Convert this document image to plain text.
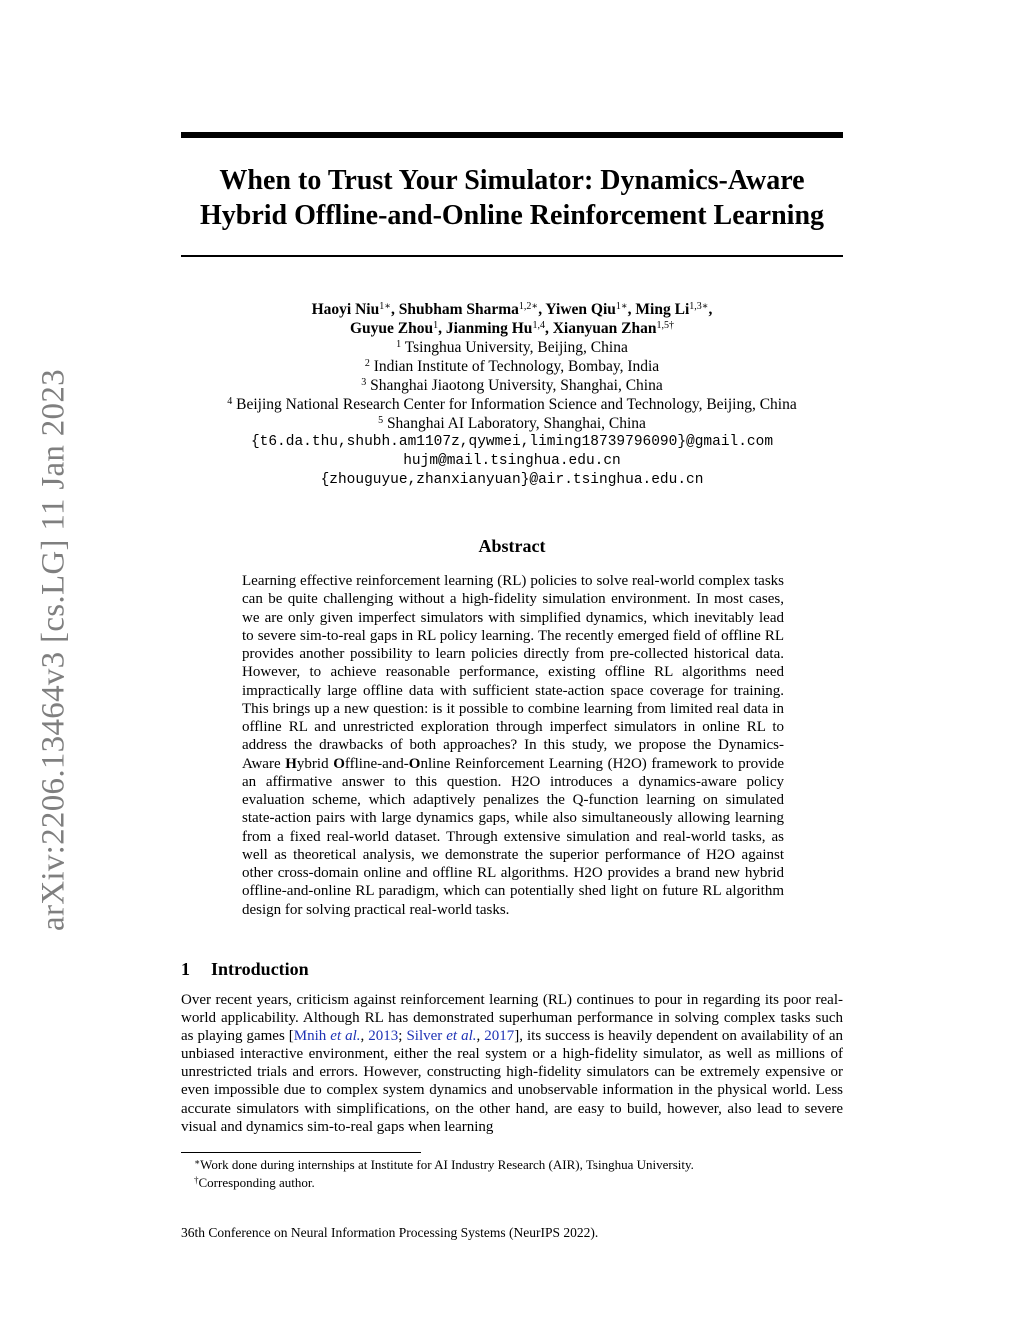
arXiv:2206.13464v3 [cs.LG] 11 Jan 2023
When to Trust Your Simulator: Dynamics-Aware
Hybrid Offline-and-Online Reinforcement Learning
Haoyi Niu$^{1∗}$, Shubham Sharma$^{1,2∗}$, Yiwen Qiu$^{1∗}$, Ming $Li^{1,3∗}$,
Guyue Zhou$^1$, Jianming Hu$^{1,4}$, Xianyuan Zhan$^{1,5\dagger}$
$^1$ Tsinghua University, Beijing, China
$^2$ Indian Institute of Technology, Bombay, India
$^3$ Shanghai Jiaotong University, Shanghai, China
$^4$ Beijing National Research Center for Information Science and Technology, Beijing, China
$^5$ Shanghai AI Laboratory, Shanghai, China
{t6.da.thu,shubh.am1107z,qywmei,liming18739796090}@gmail.com
hujm@mail.tsinghua.edu.cn
{zhouguyue,zhanxianyuan}@air.tsinghua.edu.cn
Abstract
Learning effective reinforcement learning (RL) policies to solve real-world complex tasks can be quite challenging without a high-fidelity simulation environment. In most cases, we are only given imperfect simulators with simplified dynamics, which inevitably lead to severe sim-to-real gaps in RL policy learning. The recently emerged field of offline RL provides another possibility to learn policies directly from pre-collected historical data. However, to achieve reasonable performance, existing offline RL algorithms need impractically large offline data with sufficient state-action space coverage for training. This brings up a new question: is it possible to combine learning from limited real data in offline RL and unrestricted exploration through imperfect simulators in online RL to address the drawbacks of both approaches? In this study, we propose the Dynamics-Aware Hybrid Offline-and-Online Reinforcement Learning (H2O) framework to provide an affirmative answer to this question. H2O introduces a dynamics-aware policy evaluation scheme, which adaptively penalizes the Q-function learning on simulated state-action pairs with large dynamics gaps, while also simultaneously allowing learning from a fixed real-world dataset. Through extensive simulation and real-world tasks, as well as theoretical analysis, we demonstrate the superior performance of H2O against other cross-domain online and offline RL algorithms. H2O provides a brand new hybrid offline-and-online RL paradigm, which can potentially shed light on future RL algorithm design for solving practical real-world tasks.
1 Introduction
Over recent years, criticism against reinforcement learning (RL) continues to pour in regarding its poor real-world applicability. Although RL has demonstrated superhuman performance in solving complex tasks such as playing games [Mnih et al., 2013; Silver et al., 2017], its success is heavily dependent on availability of an unbiased interactive environment, either the real system or a high-fidelity simulator, as well as millions of unrestricted trials and errors. However, constructing high-fidelity simulators can be extremely expensive or even impossible due to complex system dynamics and unobservable information in the physical world. Less accurate simulators with simplifications, on the other hand, are easy to build, however, also lead to severe visual and dynamics sim-to-real gaps when learning
∗Work done during internships at Institute for AI Industry Research (AIR), Tsinghua University.
†Corresponding author.
36th Conference on Neural Information Processing Systems (NeurIPS 2022).
